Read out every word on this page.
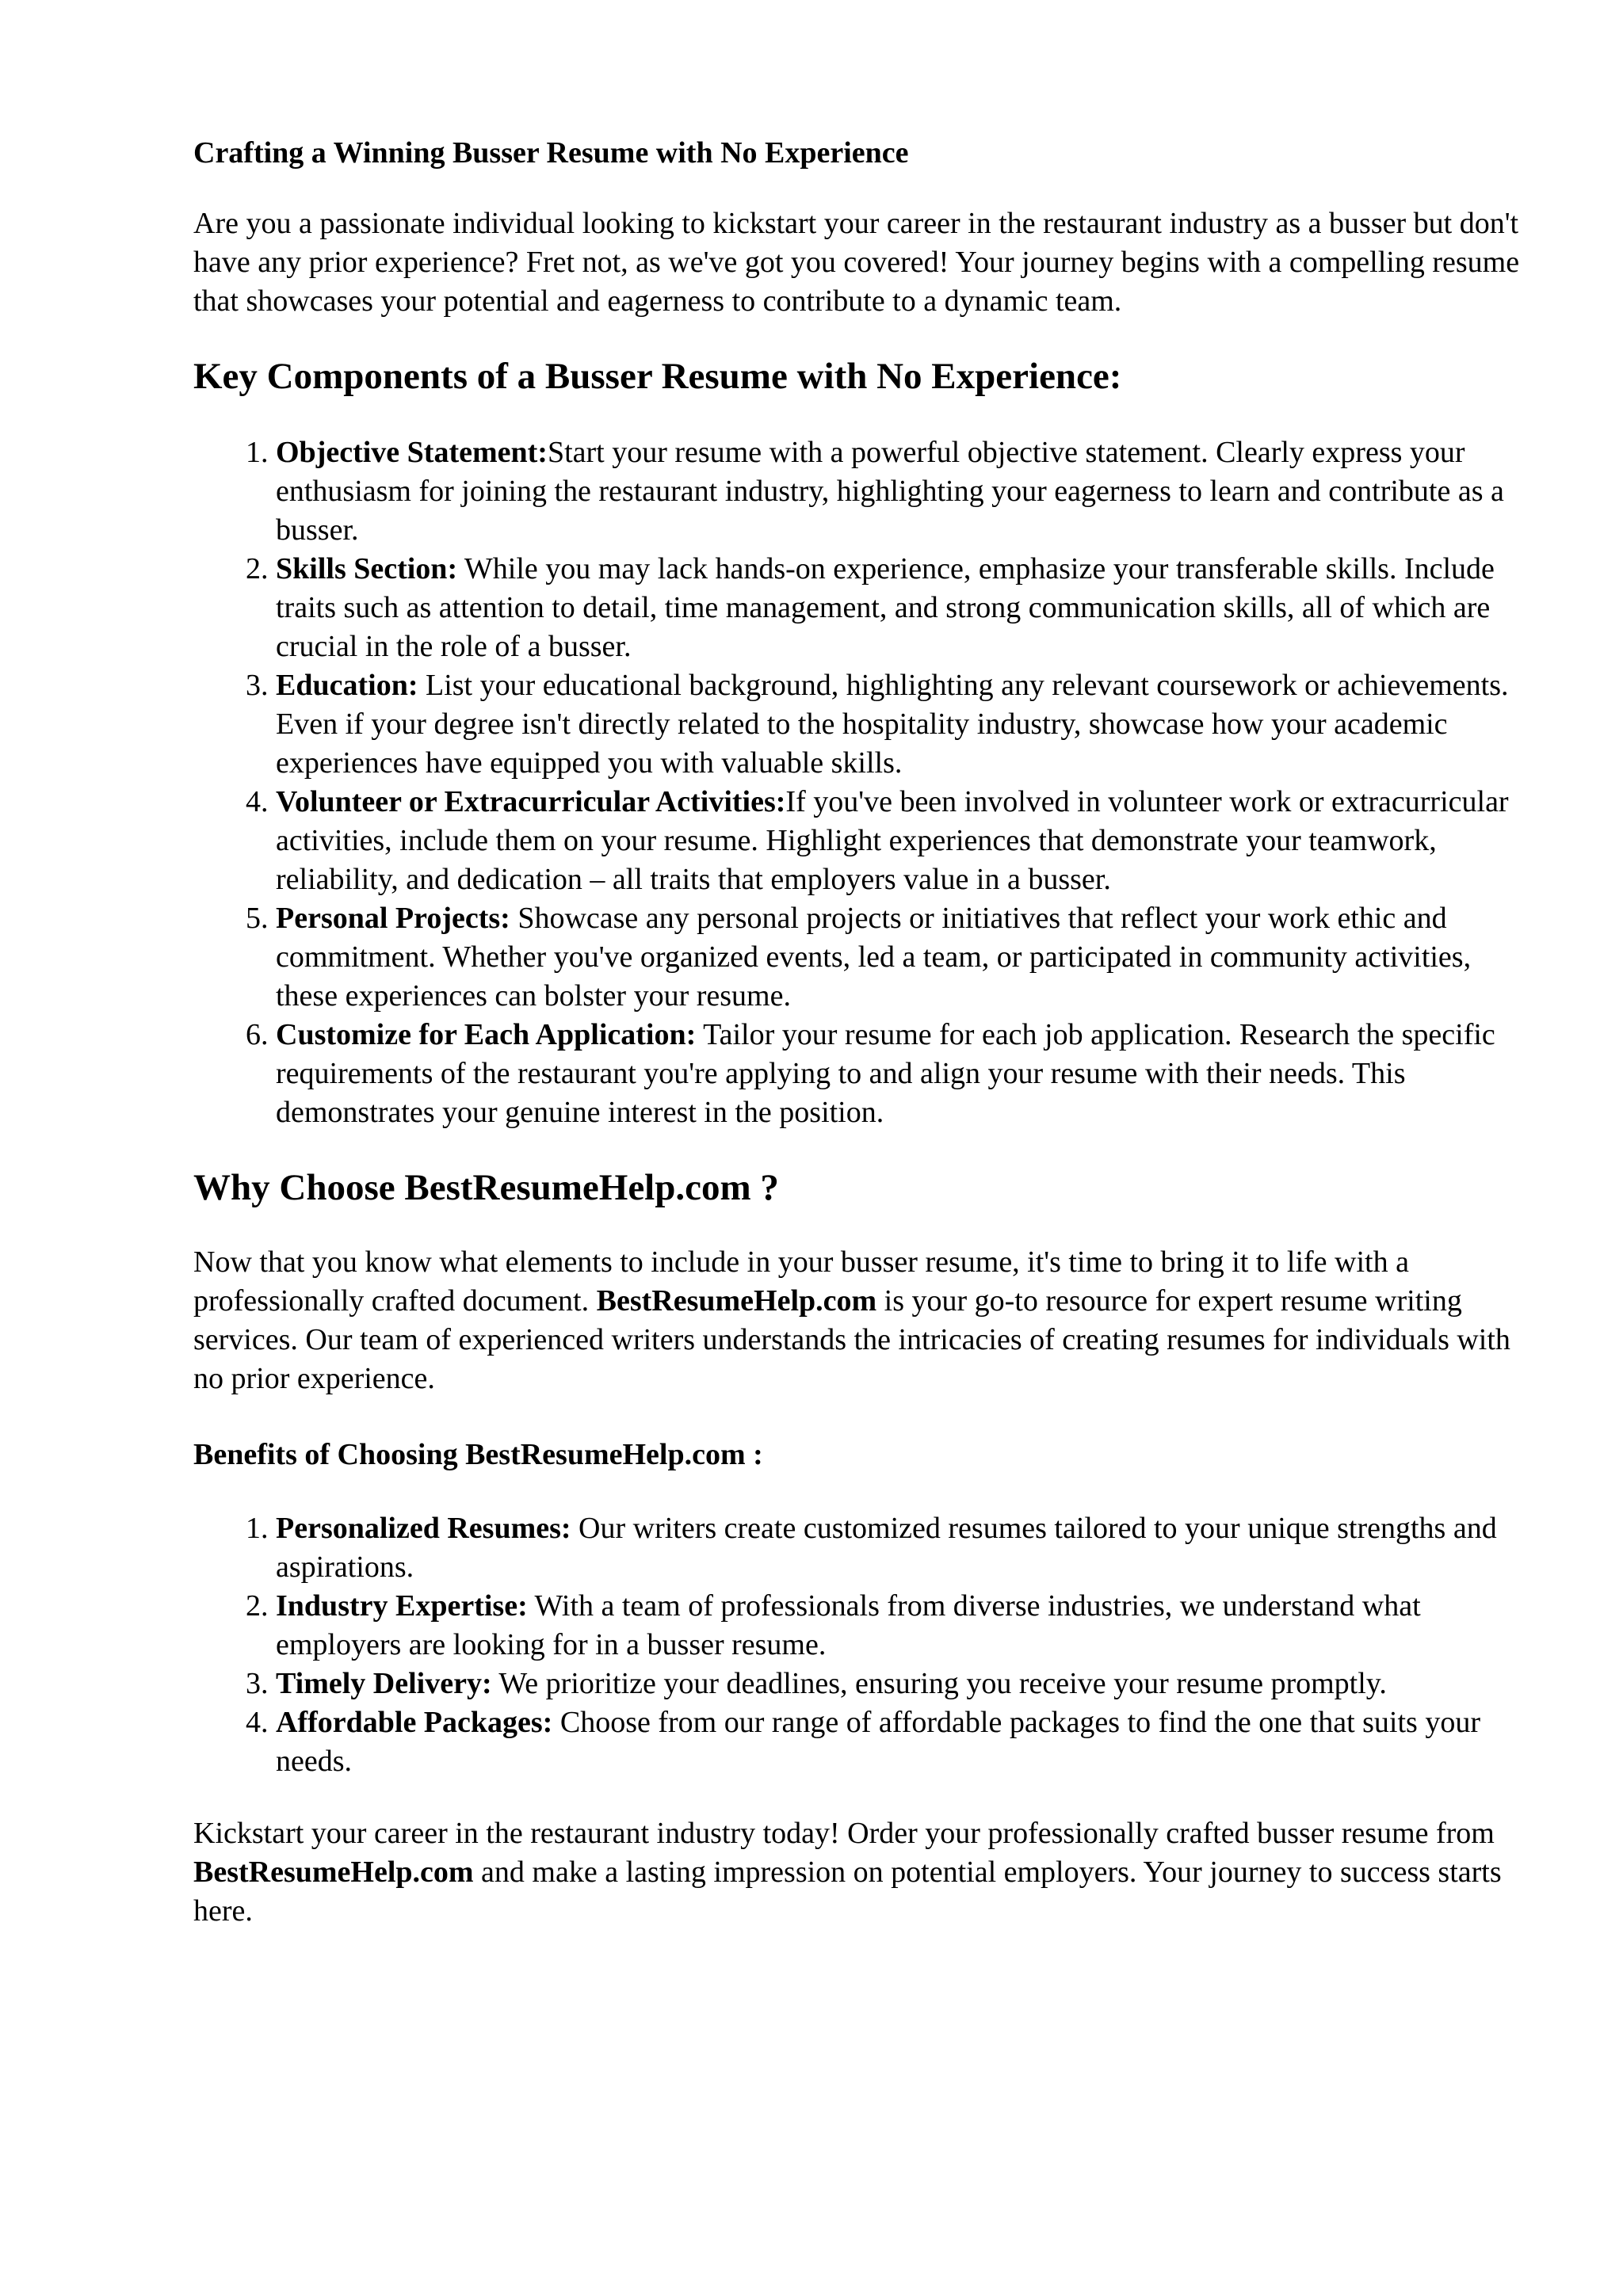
Crafting a Winning Busser Resume with No Experience

Are you a passionate individual looking to kickstart your career in the restaurant industry as a busser but don't have any prior experience? Fret not, as we've got you covered! Your journey begins with a compelling resume that showcases your potential and eagerness to contribute to a dynamic team.

Key Components of a Busser Resume with No Experience:
1. Objective Statement:Start your resume with a powerful objective statement. Clearly express your enthusiasm for joining the restaurant industry, highlighting your eagerness to learn and contribute as a busser.
2. Skills Section: While you may lack hands-on experience, emphasize your transferable skills. Include traits such as attention to detail, time management, and strong communication skills, all of which are crucial in the role of a busser.
3. Education: List your educational background, highlighting any relevant coursework or achievements. Even if your degree isn't directly related to the hospitality industry, showcase how your academic experiences have equipped you with valuable skills.
4. Volunteer or Extracurricular Activities:If you've been involved in volunteer work or extracurricular activities, include them on your resume. Highlight experiences that demonstrate your teamwork, reliability, and dedication – all traits that employers value in a busser.
5. Personal Projects: Showcase any personal projects or initiatives that reflect your work ethic and commitment. Whether you've organized events, led a team, or participated in community activities, these experiences can bolster your resume.
6. Customize for Each Application: Tailor your resume for each job application. Research the specific requirements of the restaurant you're applying to and align your resume with their needs. This demonstrates your genuine interest in the position.
Why Choose BestResumeHelp.com ?

Now that you know what elements to include in your busser resume, it's time to bring it to life with a professionally crafted document. BestResumeHelp.com is your go-to resource for expert resume writing services. Our team of experienced writers understands the intricacies of creating resumes for individuals with no prior experience.

Benefits of Choosing BestResumeHelp.com :
1. Personalized Resumes: Our writers create customized resumes tailored to your unique strengths and aspirations.
2. Industry Expertise: With a team of professionals from diverse industries, we understand what employers are looking for in a busser resume.
3. Timely Delivery: We prioritize your deadlines, ensuring you receive your resume promptly.
4. Affordable Packages: Choose from our range of affordable packages to find the one that suits your needs.

Kickstart your career in the restaurant industry today! Order your professionally crafted busser resume from BestResumeHelp.com and make a lasting impression on potential employers. Your journey to success starts here.
